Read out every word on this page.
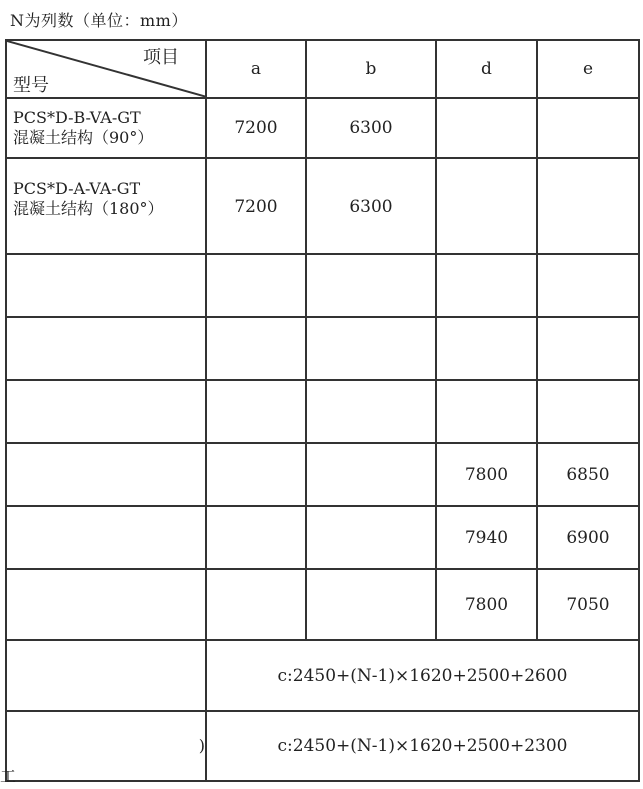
N为列数（单位：mm）
项目
型号	a	b	d	e

PCS*D-B-VA-GT
混凝土结构（90°）	7200	6300		

PCS*D-A-VA-GT
混凝土结构（180°）	7200	6300		

			7800	6850
			7940	6900
			7800	7050
	c:2450+(N-1)×1620+2500+2600			
)	c:2450+(N-1)×1620+2500+2300			
工
